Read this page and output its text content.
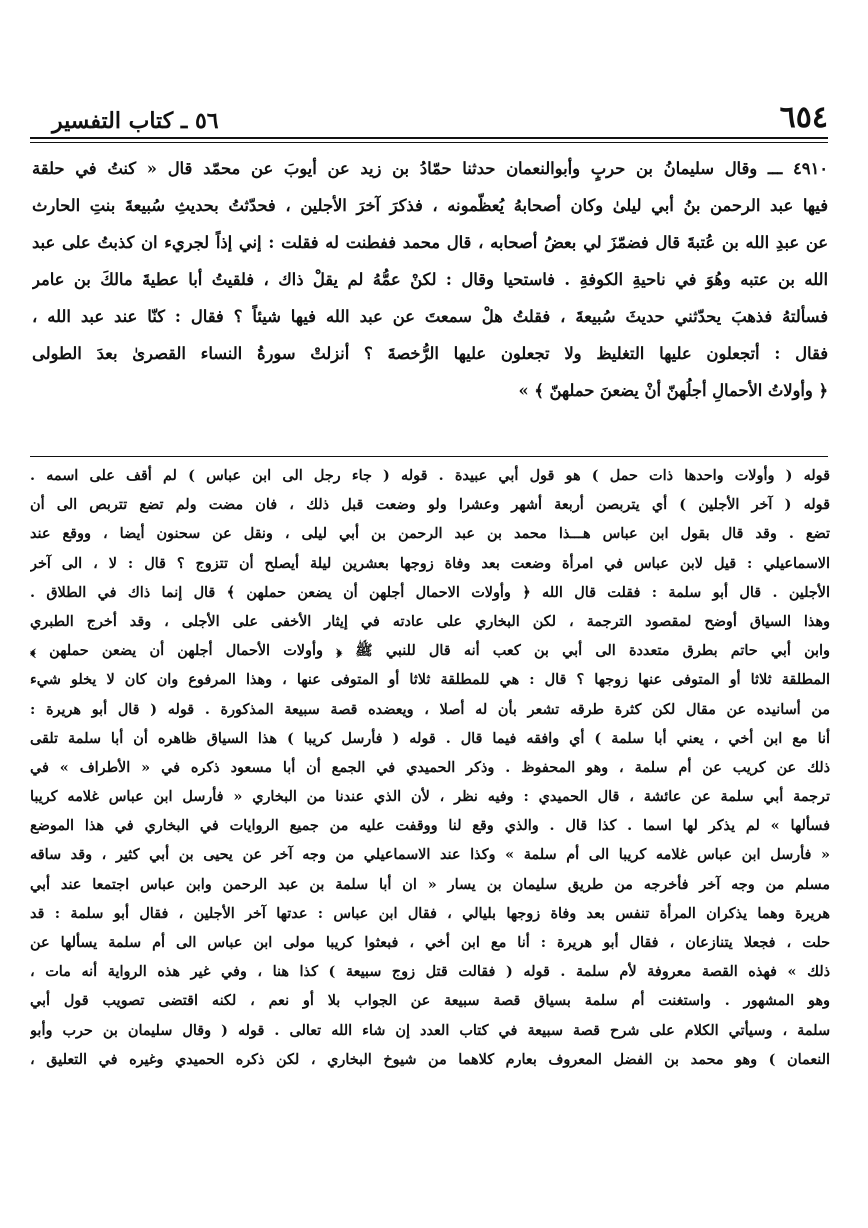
٦٥٤
٥٦ ـ كتاب التفسير
٤٩١٠ ـــ وقال سليمانُ بن حربٍ وأبوالنعمان حدثنا حمّادُ بن زيد عن أيوبَ عن محمّد قال « كنتُ في حلقة
فيها عبد الرحمن بنُ أبي ليلىٰ وكان أصحابهُ يُعظّمونه ، فذكرَ آخرَ الأجلين ، فحدّثتُ بحديثِ سُبيعةَ بنتِ الحارث
عن عبدِ الله بن عُتبةَ قال فضمّزَ لي بعضُ أصحابه ، قال محمد ففطنت له فقلت : إني إذاً لجريء ان كذبتُ على عبد
الله بن عتبه وهُوَ في ناحيةِ الكوفةِ . فاستحيا وقال : لكنْ عمُّهُ لم يقلْ ذاك ، فلقيتُ أبا عطيةَ مالكَ بن عامر
فسألتهُ فذهبَ يحدّثني حديثَ سُبيعةَ ، فقلتُ هلْ سمعتَ عن عبد الله فيها شيئاً ؟ فقال : كنّا عند عبد الله ،
فقال : أتجعلون عليها التغليظ ولا تجعلون عليها الرُّخصةَ ؟ أنزلتْ سورةُ النساء القصرىٰ بعدَ الطولى
﴿ وأولاتُ الأحمالِ أجلُهنّ أنْ يضعنَ حملهنّ ﴾ »
قوله ( وأولات واحدها ذات حمل ) هو قول أبي عبيدة . قوله ( جاء رجل الى ابن عباس ) لم أقف على اسمه .
قوله ( آخر الأجلين ) أي يتربصن أربعة أشهر وعشرا ولو وضعت قبل ذلك ، فان مضت ولم تضع تتربص الى أن
تضع . وقد قال بقول ابن عباس هـــذا محمد بن عبد الرحمن بن أبي ليلى ، ونقل عن سحنون أيضا ، ووقع عند
الاسماعيلي : قيل لابن عباس في امرأة وضعت بعد وفاة زوجها بعشرين ليلة أيصلح أن تتزوج ؟ قال : لا ، الى آخر
الأجلين . قال أبو سلمة : فقلت قال الله ﴿ وأولات الاحمال أجلهن أن يضعن حملهن ﴾ قال إنما ذاك في الطلاق .
وهذا السياق أوضح لمقصود الترجمة ، لكن البخاري على عادته في إيثار الأخفى على الأجلى ، وقد أخرج الطبري
وابن أبي حاتم بطرق متعددة الى أبي بن كعب أنه قال للنبي ﷺ ﴿ وأولات الأحمال أجلهن أن يضعن حملهن ﴾
المطلقة ثلاثا أو المتوفى عنها زوجها ؟ قال : هي للمطلقة ثلاثا أو المتوفى عنها ، وهذا المرفوع وان كان لا يخلو شيء
من أسانيده عن مقال لكن كثرة طرقه تشعر بأن له أصلا ، ويعضده قصة سبيعة المذكورة . قوله ( قال أبو هريرة :
أنا مع ابن أخي ، يعني أبا سلمة ) أي وافقه فيما قال . قوله ( فأرسل كريبا ) هذا السياق ظاهره أن أبا سلمة تلقى
ذلك عن كريب عن أم سلمة ، وهو المحفوظ . وذكر الحميدي في الجمع أن أبا مسعود ذكره في « الأطراف » في
ترجمة أبي سلمة عن عائشة ، قال الحميدي : وفيه نظر ، لأن الذي عندنا من البخاري « فأرسل ابن عباس غلامه كريبا
فسألها » لم يذكر لها اسما . كذا قال . والذي وقع لنا ووقفت عليه من جميع الروايات في البخاري في هذا الموضع
« فأرسل ابن عباس غلامه كريبا الى أم سلمة » وكذا عند الاسماعيلي من وجه آخر عن يحيى بن أبي كثير ، وقد ساقه
مسلم من وجه آخر فأخرجه من طريق سليمان بن يسار « ان أبا سلمة بن عبد الرحمن وابن عباس اجتمعا عند أبي
هريرة وهما يذكران المرأة تنفس بعد وفاة زوجها بليالي ، فقال ابن عباس : عدتها آخر الأجلين ، فقال أبو سلمة : قد
حلت ، فجعلا يتنازعان ، فقال أبو هريرة : أنا مع ابن أخي ، فبعثوا كريبا مولى ابن عباس الى أم سلمة يسألها عن
ذلك » فهذه القصة معروفة لأم سلمة . قوله ( فقالت قتل زوج سبيعة ) كذا هنا ، وفي غير هذه الرواية أنه مات ،
وهو المشهور . واستغنت أم سلمة بسياق قصة سبيعة عن الجواب بلا أو نعم ، لكنه اقتضى تصويب قول أبي
سلمة ، وسيأتي الكلام على شرح قصة سبيعة في كتاب العدد إن شاء الله تعالى . قوله ( وقال سليمان بن حرب وأبو
النعمان ) وهو محمد بن الفضل المعروف بعارم كلاهما من شيوخ البخاري ، لكن ذكره الحميدي وغيره في التعليق ،
